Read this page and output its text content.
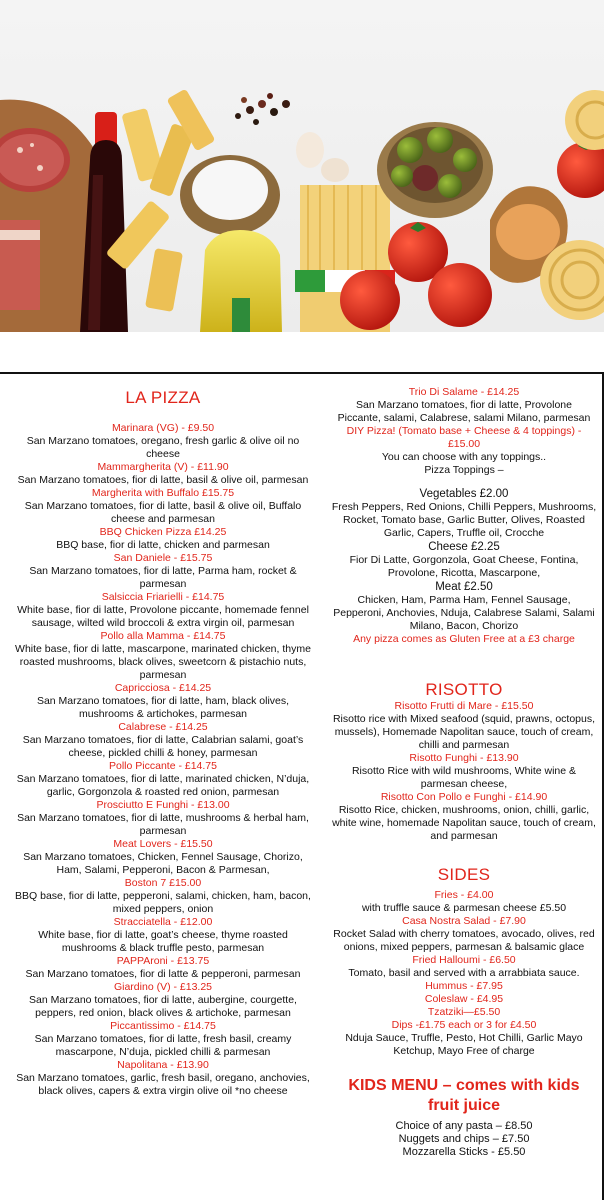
LA PIZZA
Marinara (VG) - £9.50
San Marzano tomatoes, oregano, fresh garlic & olive oil no cheese
Mammargherita (V) - £11.90
San Marzano tomatoes, fior di latte, basil & olive oil, parmesan
Margherita with Buffalo £15.75
San Marzano tomatoes, fior di latte, basil & olive oil, Buffalo cheese and parmesan
BBQ Chicken Pizza £14.25
BBQ base, fior di latte, chicken and parmesan
San Daniele - £15.75
San Marzano tomatoes, fior di latte, Parma ham, rocket & parmesan
Salsiccia Friarielli - £14.75
White base, fior di latte, Provolone piccante, homemade fennel sausage, wilted wild broccoli & extra virgin oil, parmesan
Pollo alla Mamma - £14.75
White base, fior di latte, mascarpone, marinated chicken, thyme roasted mushrooms, black olives, sweetcorn & pistachio nuts, parmesan
Capricciosa - £14.25
San Marzano tomatoes, fior di latte, ham, black olives, mushrooms & artichokes, parmesan
Calabrese - £14.25
San Marzano tomatoes, fior di latte, Calabrian salami, goat’s cheese, pickled chilli & honey, parmesan
Pollo Piccante - £14.75
San Marzano tomatoes, fior di latte, marinated chicken, N’duja, garlic, Gorgonzola & roasted red onion, parmesan
Prosciutto E Funghi - £13.00
San Marzano tomatoes, fior di latte, mushrooms & herbal ham, parmesan
Meat Lovers - £15.50
San Marzano tomatoes, Chicken, Fennel Sausage, Chorizo, Ham, Salami, Pepperoni, Bacon & Parmesan,
Boston 7 £15.00
BBQ base, fior di latte, pepperoni, salami, chicken, ham, bacon, mixed peppers, onion
Stracciatella - £12.00
White base, fior di latte, goat’s cheese, thyme roasted mushrooms & black truffle pesto, parmesan
PAPPAroni - £13.75
San Marzano tomatoes, fior di latte & pepperoni, parmesan
Giardino (V) - £13.25
San Marzano tomatoes, fior di latte, aubergine, courgette, peppers, red onion, black olives & artichoke, parmesan
Piccantissimo - £14.75
San Marzano tomatoes, fior di latte, fresh basil, creamy mascarpone, N’duja, pickled chilli & parmesan
Napolitana - £13.90
San Marzano tomatoes, garlic, fresh basil, oregano, anchovies, black olives, capers & extra virgin olive oil *no cheese
Trio Di Salame - £14.25
San Marzano tomatoes, fior di latte, Provolone Piccante, salami, Calabrese, salami Milano, parmesan
DIY Pizza! (Tomato base + Cheese & 4 toppings) - £15.00
You can choose with any toppings..
Pizza Toppings –
Vegetables £2.00
Fresh Peppers, Red Onions, Chilli Peppers, Mushrooms, Rocket, Tomato base, Garlic Butter, Olives, Roasted Garlic, Capers, Truffle oil, Crocche
Cheese £2.25
Fior Di Latte, Gorgonzola, Goat Cheese, Fontina, Provolone, Ricotta, Mascarpone,
Meat £2.50
Chicken, Ham, Parma Ham, Fennel Sausage, Pepperoni, Anchovies, Nduja, Calabrese Salami, Salami Milano, Bacon, Chorizo
Any pizza comes as Gluten Free at a £3 charge
RISOTTO
Risotto Frutti di Mare - £15.50
Risotto rice with Mixed seafood (squid, prawns, octopus, mussels), Homemade Napolitan sauce, touch of cream, chilli and parmesan
Risotto Funghi - £13.90
Risotto Rice with wild mushrooms, White wine & parmesan cheese,
Risotto Con Pollo e Funghi - £14.90
Risotto Rice, chicken, mushrooms, onion, chilli, garlic, white wine, homemade Napolitan sauce, touch of cream, and parmesan
SIDES
Fries - £4.00
with truffle sauce & parmesan cheese £5.50
Casa Nostra Salad - £7.90
Rocket Salad with cherry tomatoes, avocado, olives, red onions, mixed peppers, parmesan & balsamic glace
Fried Halloumi - £6.50
Tomato, basil and served with a arrabbiata sauce.
Hummus - £7.95
Coleslaw - £4.95
Tzatziki—£5.50
Dips -£1.75 each or 3 for £4.50
Nduja Sauce, Truffle, Pesto, Hot Chilli, Garlic Mayo Ketchup, Mayo Free of charge
KIDS MENU – comes with kids fruit juice
Choice of any pasta – £8.50
Nuggets and chips – £7.50
Mozzarella Sticks - £5.50
